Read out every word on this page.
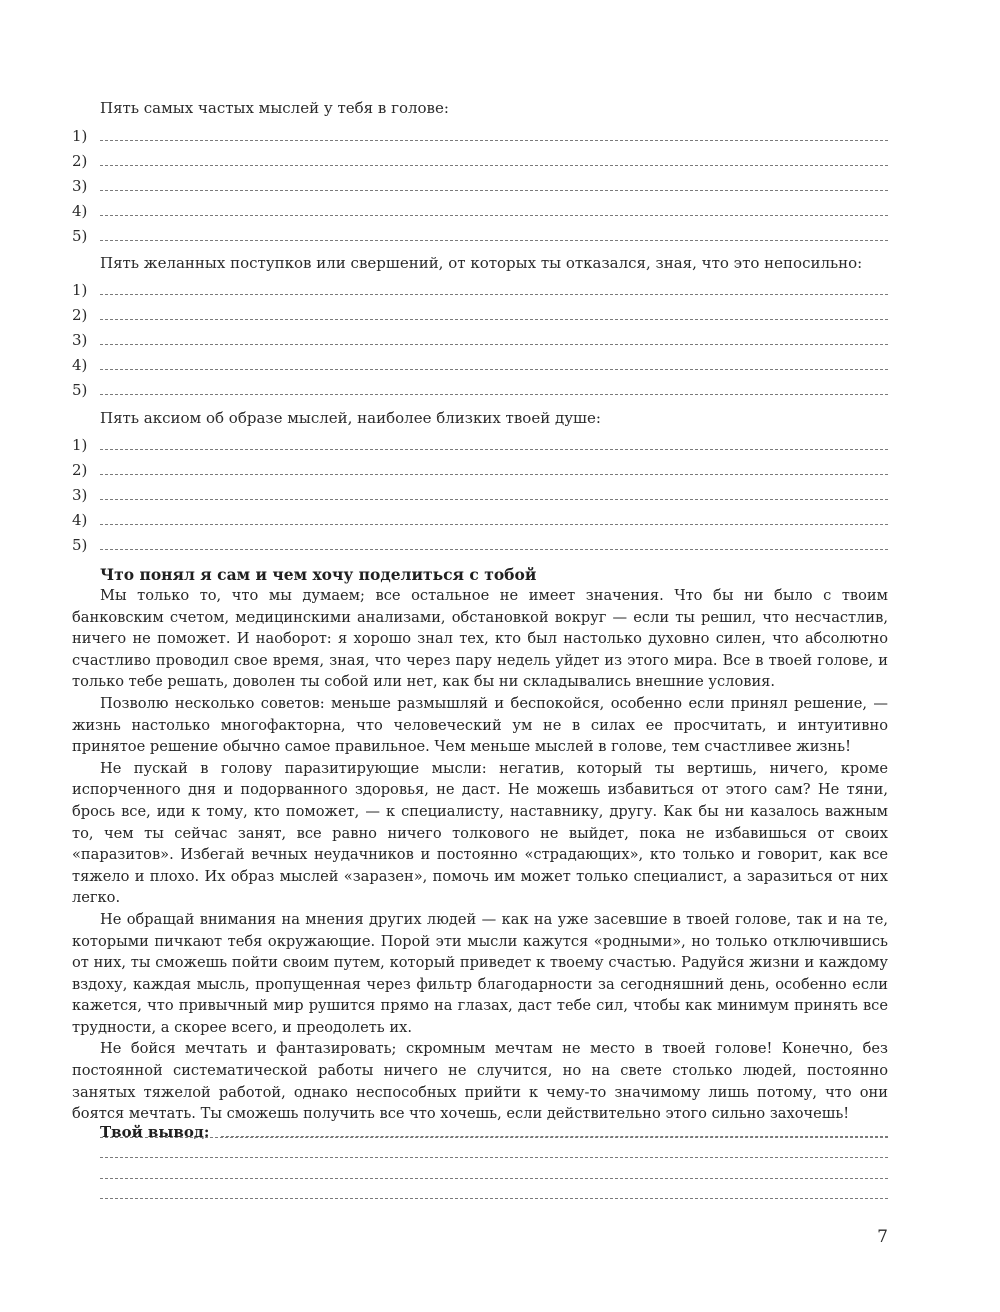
Пять самых частых мыслей у тебя в голове:
1)
2)
3)
4)
5)
Пять желанных поступков или свершений, от которых ты отказался, зная, что это непосильно:
1)
2)
3)
4)
5)
Пять аксиом об образе мыслей, наиболее близких твоей душе:
1)
2)
3)
4)
5)
Что понял я сам и чем хочу поделиться с тобой

Мы только то, что мы думаем; все остальное не имеет значения. Что бы ни было с твоим банковским счетом, медицинскими анализами, обстановкой вокруг — если ты решил, что несчастлив, ничего не поможет. И наоборот: я хорошо знал тех, кто был настолько духовно силен, что абсолютно счастливо проводил свое время, зная, что через пару недель уйдет из этого мира. Все в твоей голове, и только тебе решать, доволен ты собой или нет, как бы ни складывались внешние условия.

Позволю несколько советов: меньше размышляй и беспокойся, особенно если принял решение, — жизнь настолько многофакторна, что человеческий ум не в силах ее просчитать, и интуитивно принятое решение обычно самое правильное. Чем меньше мыслей в голове, тем счастливее жизнь!

Не пускай в голову паразитирующие мысли: негатив, который ты вертишь, ничего, кроме испорченного дня и подорванного здоровья, не даст. Не можешь избавиться от этого сам? Не тяни, брось все, иди к тому, кто поможет, — к специалисту, наставнику, другу. Как бы ни казалось важным то, чем ты сейчас занят, все равно ничего толкового не выйдет, пока не избавишься от своих «паразитов». Избегай вечных неудачников и постоянно «страдающих», кто только и говорит, как все тяжело и плохо. Их образ мыслей «заразен», помочь им может только специалист, а заразиться от них легко.

Не обращай внимания на мнения других людей — как на уже засевшие в твоей голове, так и на те, которыми пичкают тебя окружающие. Порой эти мысли кажутся «родными», но только отключившись от них, ты сможешь пойти своим путем, который приведет к твоему счастью. Радуйся жизни и каждому вздоху, каждая мысль, пропущенная через фильтр благодарности за сегодняшний день, особенно если кажется, что привычный мир рушится прямо на глазах, даст тебе сил, чтобы как минимум принять все трудности, а скорее всего, и преодолеть их.

Не бойся мечтать и фантазировать; скромным мечтам не место в твоей голове! Конечно, без постоянной систематической работы ничего не случится, но на свете столько людей, постоянно занятых тяжелой работой, однако неспособных прийти к чему-то значимому лишь потому, что они боятся мечтать. Ты сможешь получить все что хочешь, если действительно этого сильно захочешь!

Твой вывод:
7
